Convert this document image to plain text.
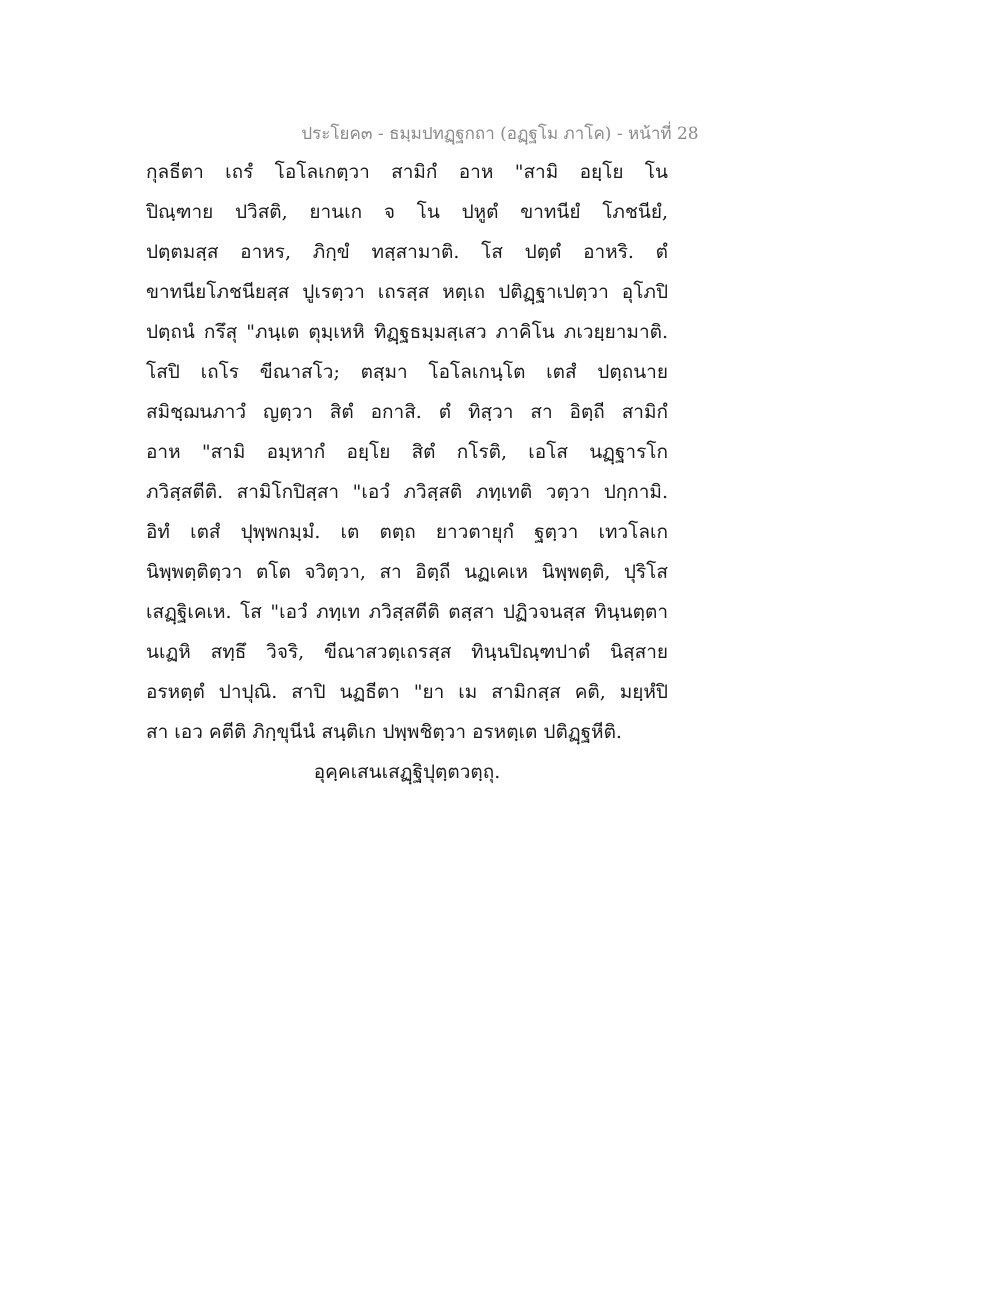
ประโยค๓ - ธมฺมปทฏฺฐกถา (อฏฺฐโม ภาโค) - หน้าที่ 28
กุลธีตา เถรํ โอโลเกตฺวา สามิกํ อาห "สามิ อยฺโย โน
ปิณฺฑาย ปวิสติ, ยานเก จ โน ปหูตํ ขาทนียํ โภชนียํ,
ปตฺตมสฺส อาหร, ภิกฺขํ ทสฺสามาติ. โส ปตฺตํ อาหริ. ตํ
ขาทนียโภชนียสฺส ปูเรตฺวา เถรสฺส หตฺเถ ปติฏฺฐาเปตฺวา อุโภปิ
ปตฺถนํ กรึสุ "ภนฺเต ตุมฺเหหิ ทิฏฺฐธมฺมสฺเสว ภาคิโน ภเวยฺยามาติ.
โสปิ เถโร ขีณาสโว; ตสฺมา โอโลเกนฺโต เตสํ ปตฺถนาย
สมิชฺฌนภาวํ ญตฺวา สิตํ อกาสิ. ตํ ทิสฺวา สา อิตฺถี สามิกํ
อาห "สามิ อมฺหากํ อยฺโย สิตํ กโรติ, เอโส นฏฺฐารโก
ภวิสฺสตีติ. สามิโกปิสฺสา "เอวํ ภวิสฺสติ ภทฺเทติ วตฺวา ปกฺกามิ.
อิทํ เตสํ ปุพฺพกมฺมํ. เต ตตฺถ ยาวตายุกํ ฐตฺวา เทวโลเก
นิพฺพตฺติตฺวา ตโต จวิตฺวา, สา อิตฺถี นฏเคเห นิพฺพตฺติ, ปุริโส
เสฏฺฐิเคเห. โส "เอวํ ภทฺเท ภวิสฺสตีติ ตสฺสา ปฏิวจนสฺส ทินฺนตฺตา
นเฏหิ สทฺธึ วิจริ, ขีณาสวตฺเถรสฺส ทินฺนปิณฺฑปาตํ นิสฺสาย
อรหตฺตํ ปาปุณิ. สาปิ นฏธีตา "ยา เม สามิกสฺส คติ, มยฺหํปิ
สา เอว คตีติ ภิกฺขุนีนํ สนฺติเก ปพฺพชิตฺวา อรหตฺเต ปติฏฺฐหีติ.
อุคฺคเสนเสฏฺฐิปุตฺตวตฺถุ.
